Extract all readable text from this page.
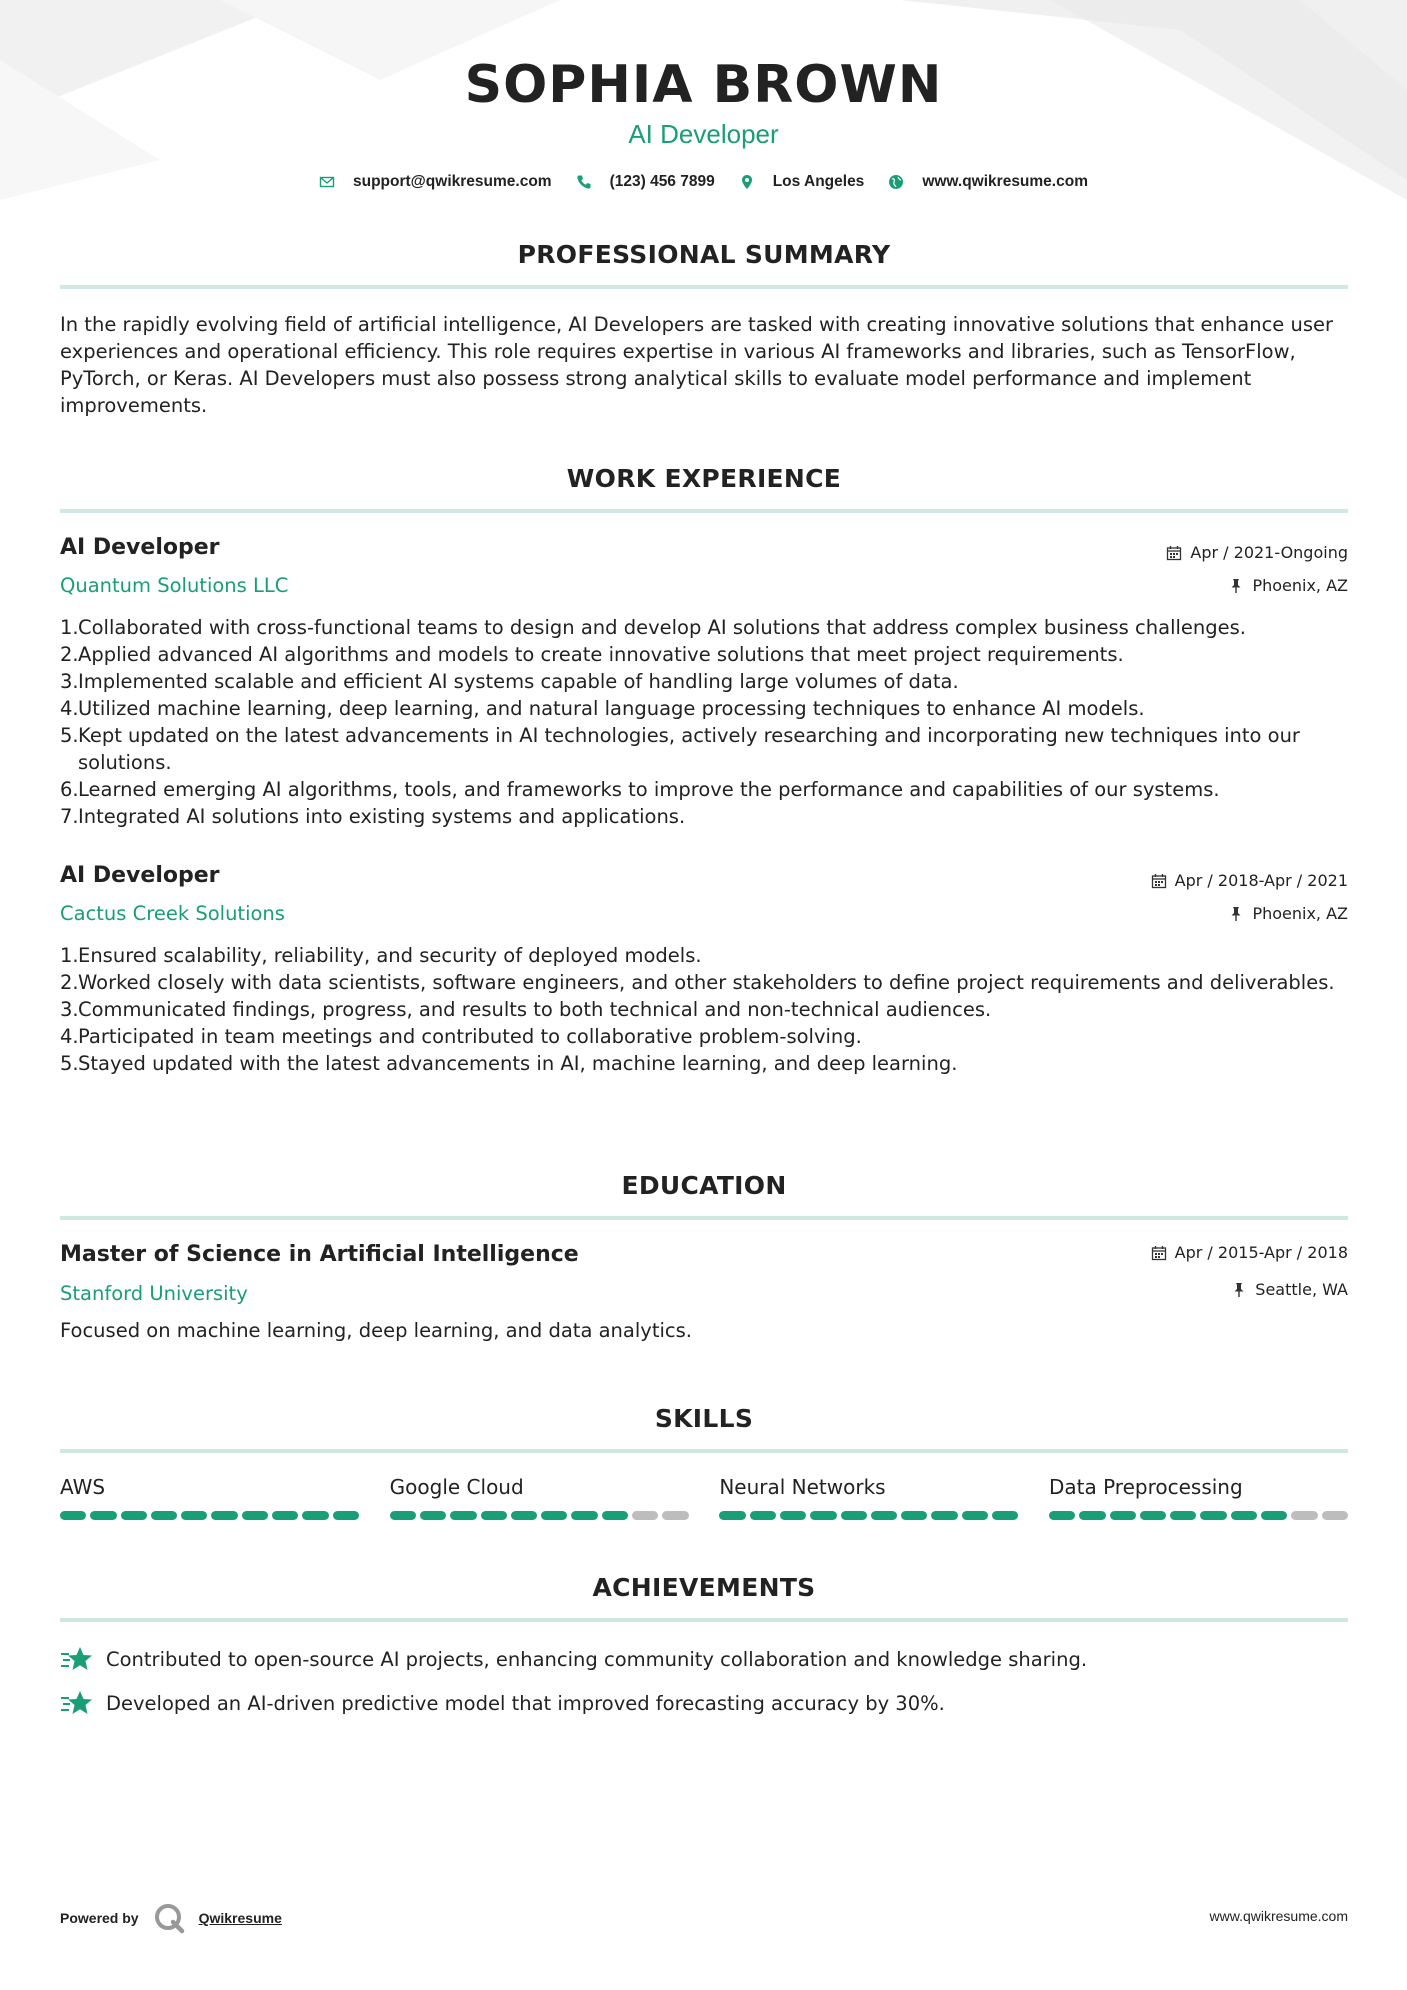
SOPHIA BROWN
AI Developer
support@qwikresume.com	(123) 456 7899	Los Angeles	www.qwikresume.com
PROFESSIONAL SUMMARY
In the rapidly evolving field of artificial intelligence, AI Developers are tasked with creating innovative solutions that enhance user experiences and operational efficiency. This role requires expertise in various AI frameworks and libraries, such as TensorFlow, PyTorch, or Keras. AI Developers must also possess strong analytical skills to evaluate model performance and implement improvements.
WORK EXPERIENCE
AI Developer	Apr / 2021-Ongoing
Quantum Solutions LLC	Phoenix, AZ
1. Collaborated with cross-functional teams to design and develop AI solutions that address complex business challenges.
2. Applied advanced AI algorithms and models to create innovative solutions that meet project requirements.
3. Implemented scalable and efficient AI systems capable of handling large volumes of data.
4. Utilized machine learning, deep learning, and natural language processing techniques to enhance AI models.
5. Kept updated on the latest advancements in AI technologies, actively researching and incorporating new techniques into our solutions.
6. Learned emerging AI algorithms, tools, and frameworks to improve the performance and capabilities of our systems.
7. Integrated AI solutions into existing systems and applications.
AI Developer	Apr / 2018-Apr / 2021
Cactus Creek Solutions	Phoenix, AZ
1. Ensured scalability, reliability, and security of deployed models.
2. Worked closely with data scientists, software engineers, and other stakeholders to define project requirements and deliverables.
3. Communicated findings, progress, and results to both technical and non-technical audiences.
4. Participated in team meetings and contributed to collaborative problem-solving.
5. Stayed updated with the latest advancements in AI, machine learning, and deep learning.
EDUCATION
Master of Science in Artificial Intelligence	Apr / 2015-Apr / 2018
Stanford University	Seattle, WA
Focused on machine learning, deep learning, and data analytics.
SKILLS
AWS	Google Cloud	Neural Networks	Data Preprocessing
ACHIEVEMENTS
Contributed to open-source AI projects, enhancing community collaboration and knowledge sharing.
Developed an AI-driven predictive model that improved forecasting accuracy by 30%.
Powered by	Qwikresume	www.qwikresume.com
